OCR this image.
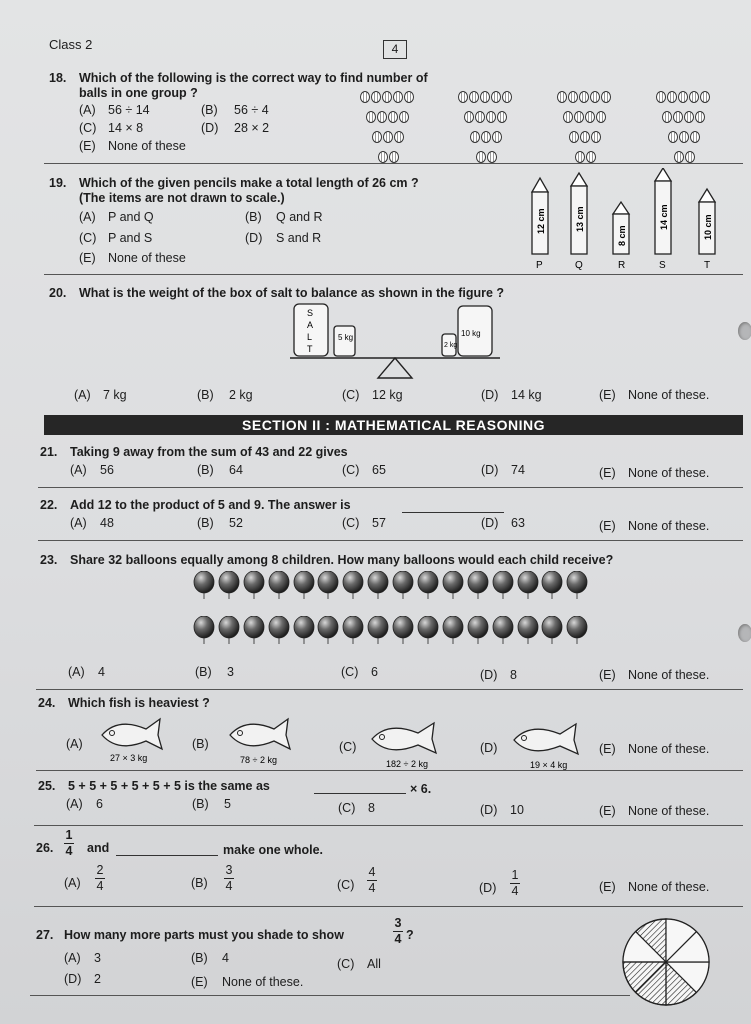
Class 2	4
18. Which of the following is the correct way to find number of
balls in one group ?
(A) 56 ÷ 14	(B) 56 ÷ 4
(C) 14 × 8	(D) 28 × 2
(E) None of these
19. Which of the given pencils make a total length of 26 cm ?
(The items are not drawn to scale.)
(A) P and Q	(B) Q and R
(C) P and S	(D) S and R
(E) None of these
12 cm
P
13 cm
Q
8 cm
R
14 cm
S
10 cm
T
20. What is the weight of the box of salt to balance as shown in the figure ?
S
A
L
T
5 kg
2 kg
10 kg
(A) 7 kg	(B) 2 kg	(C) 12 kg	(D) 14 kg	(E) None of these.
SECTION II : MATHEMATICAL REASONING
21. Taking 9 away from the sum of 43 and 22 gives
(A) 56	(B) 64	(C) 65	(D) 74	(E) None of these.
22. Add 12 to the product of 5 and 9. The answer is
(A) 48	(B) 52	(C) 57	(D) 63	(E) None of these.
23. Share 32 balloons equally among 8 children. How many balloons would each child receive?
(A) 4	(B) 3	(C) 6	(D) 8	(E) None of these.
24. Which fish is heaviest ?
(A)	(B)	(C)	(D)	(E) None of these.
27 × 3 kg	78 ÷ 2 kg	182 ÷ 2 kg	19 × 4 kg
25. 5 + 5 + 5 + 5 + 5 + 5 is the same as	× 6.
(A) 6	(B) 5	(C) 8	(D) 10	(E) None of these.
26.
1
4 and	make one whole.
(A)
2
4	(B)
3
4	(C)
4
4	(D)
1
4	(E) None of these.
27. How many more parts must you shade to show
3
4 ?
(A) 3	(B) 4	(C) All
(D) 2	(E) None of these.
